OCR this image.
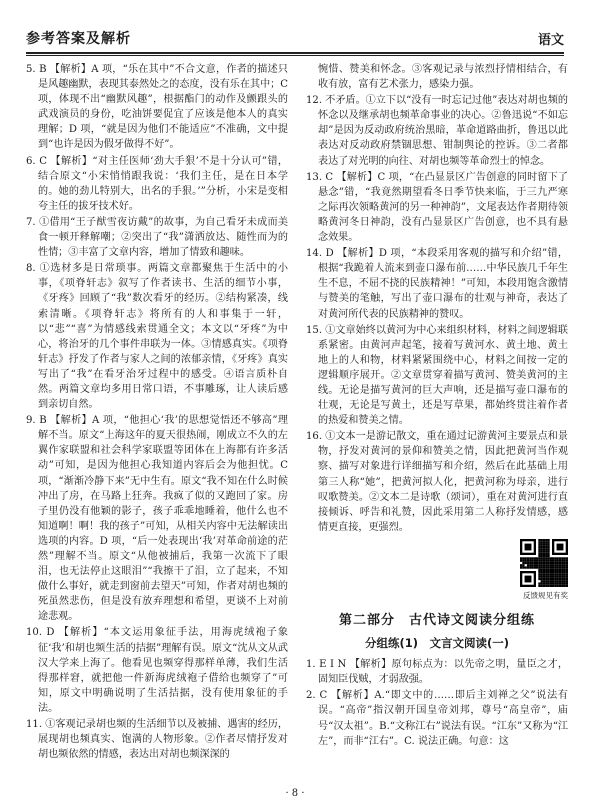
参考答案及解析	语文
5. B 【解析】A 项，“乐在其中”不合文意，作者的描述只是风趣幽默，表现其泰然处之的态度，没有乐在其中；C 项，体现不出“幽默风趣”，根据酯门的动作及颤跟头的武戏演员的身份，吃油饼要促宜了应该是他本人的真实理解；D 项，“就是因为他们不能适应”不准确，文中提到“也许是因为假牙做得不好”。
6. C 【解析】“对主任医师‘劲大手狠’不是十分认可”错，结合原文“小宋悄悄跟我说：‘我们主任，是在日本学的。她的劲儿特别大，出名的手狠。’”分析，小宋是变相夸主任的拔牙技术好。
7. ①借用“王子猷雪夜访戴”的故事，为自己看牙未成而美食一顿开释解嘲；②突出了“我”潇洒放达、随性而为的性情；③丰富了文章内容，增加了情致和趣味。
8. ①选材多是日常琐事。两篇文章都聚焦于生活中的小事，《项脊轩志》叙写了作者读书、生活的细节小事，《牙疼》回顾了“我”数次看牙的经历。②结构紧凑，线索清晰。《项脊轩志》将所有的人和事集于一轩，以“悲”“喜”为情感线索贯通全文；本文以“牙疼”为中心，将治牙的几个事件串联为一体。③情感真实。《项脊轩志》抒发了作者与家人之间的浓郁亲情，《牙疼》真实写出了“我”在看牙治牙过程中的感受。④语言质朴自然。两篇文章均多用日常口语，不事雕琢，让人读后感到亲切自然。
9. B 【解析】A 项，“他担心‘我’的思想觉悟还不够高”理解不当。原文“上海这年的夏天很热闹，刚成立不久的左翼作家联盟和社会科学家联盟等团体在上海都有许多活动”可知，是因为他担心我知道内容后会为他担忧。C 项，“渐渐冷静下来”无中生有。原文“我不知在什么时候冲出了房，在马路上狂奔。我疯了似的又跑回了家。房子里仍没有他颖的影子，孩子乖乖地睡着，他什么也不知道啊！啊！我的孩子”可知，从相关内容中无法解读出选项的内容。D 项，“后一处表现出‘我’对革命前途的茫然”理解不当。原文“从他被捕后，我第一次流下了眼泪，也无法停止这眼泪”“我擦干了泪，立了起来，不知做什么事好，就走到窗前去望天”可知，作者对胡也频的死虽然悲伤，但是没有放弃理想和希望，更谈不上对前途悲观。
10. D 【解析】“本文运用象征手法，用海虎绒袍子象征‘我’和胡也频生活的拮据”理解有误。原文“沈从文从武汉大学来上海了。他看见也频穿得那样单薄，我们生活得那样窘，就把他一件新海虎绒袍子借给也频穿了”可知，原文中明确说明了生活拮据，没有使用象征的手法。
11. ①客观记录胡也频的生活细节以及被捕、遇害的经历，展现胡也频真实、饱满的人物形象。②作者尽情抒发对胡也频依然的情感，表达出对胡也频深深的
惋惜、赞美和怀念。③客观记录与浓烈抒情相结合，有收有放，富有艺术张力，感染力强。
12. 不矛盾。①立下以“没有一时忘记过他”表达对胡也频的怀念以及继承胡也频革命事业的决心。②鲁迅说“不如忘却”是因为反动政府统治黑暗，革命道路曲折，鲁迅以此表达对反动政府禁锢思想、钳制舆论的控诉。③二者都表达了对光明的向往、对胡也频等革命烈士的悼念。
13. C 【解析】C 项，“在凸显景区广告创意的同时留下了悬念”错，“我竟然期望看冬日季节快来临，于三九严寒之际再次领略黄河的另一种神韵”，文尾表达作者期待领略黄河冬日神韵，没有凸显景区广告创意，也不具有悬念效果。
14. D 【解析】D 项，“本段采用客观的描写和介绍”错，根据“我跪着人流来到壶口瀑布前……中华民族几千年生生不息，不屈不挠的民族精神！”可知，本段用饱含激情与赞美的笔触，写出了壶口瀑布的壮观与神奇，表达了对黄河所代表的民族精神的赞叹。
15. ①文章始终以黄河为中心来组织材料，材料之间逻辑联系紧密。由黄河声起笔，接着写黄河水、黄土地、黄土地上的人和物，材料紧紧围绕中心，材料之间按一定的逻辑顺序展开。②文章贯穿着描写黄河、赞美黄河的主线。无论是描写黄河的巨大声响，还是描写壶口瀑布的壮观，无论是写黄土，还是写草果，都始终贯注着作者的热爱和赞美之情。
16. ①文本一是游记散文，重在通过记游黄河主要景点和景物，抒发对黄河的景仰和赞美之情，因此把黄河当作观察、描写对象进行详细描写和介绍，然后在此基础上用第三人称“她”，把黄河拟人化，把黄河称为母亲，进行叹歌赞美。②文本二是诗歌（颂词），重在对黄河进行直接倾诉、呼告和礼赞，因此采用第二人称抒发情感，感情更直接，更强烈。
反馈规见有奖
第二部分　古代诗文阅读分组练
分组练(1)　文言文阅读(一)
1. E I N 【解析】原句标点为：以先帝之明，量臣之才，固知臣伐贼，才弱敌强。
2. C 【解析】A.“即文中的……即后主刘禅之父”说法有误。“高帝”指汉朝开国皇帝刘邦，尊号“高皇帝”，庙号“汉太祖”。B.“文称江右”说法有误。“江东”又称为“江左”，而非“江右”。C. 说法正确。句意：这
· 8 ·
